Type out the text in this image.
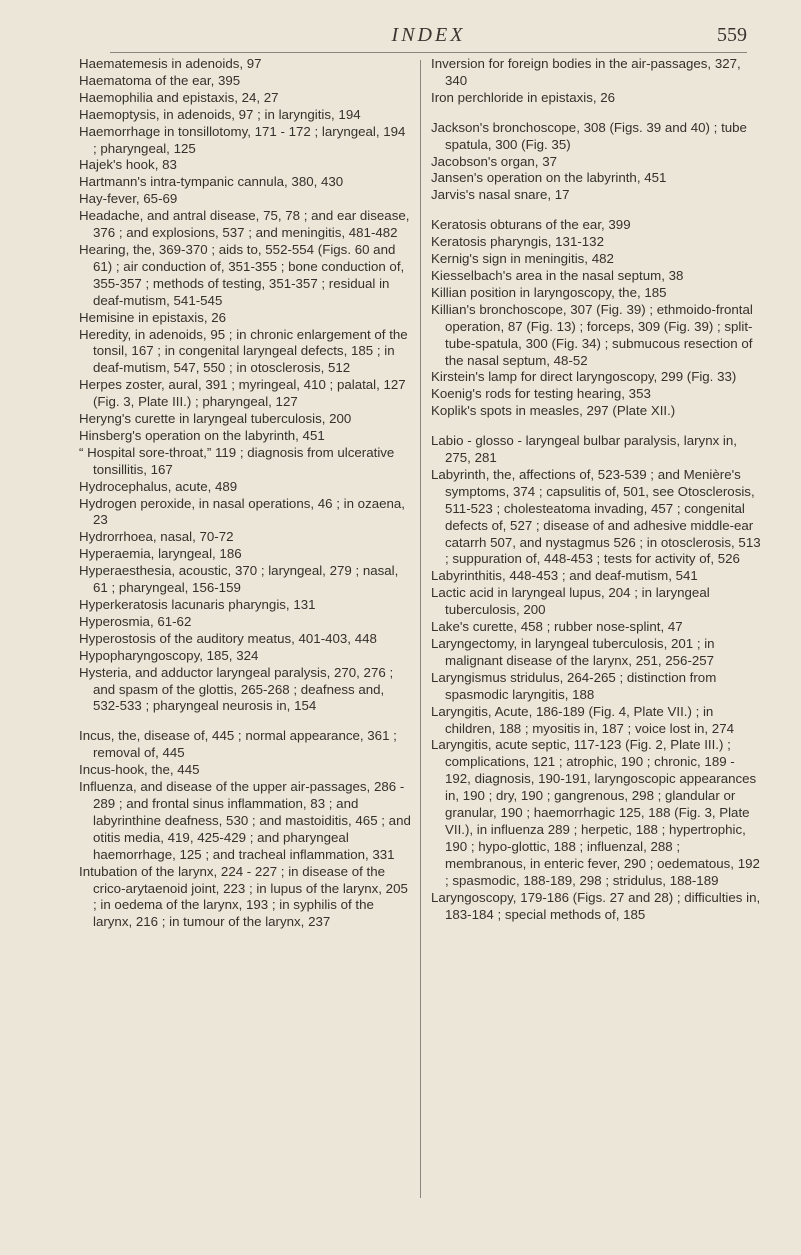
INDEX	559

Haematemesis in adenoids, 97

Haematoma of the ear, 395

Haemophilia and epistaxis, 24, 27

Haemoptysis, in adenoids, 97 ; in laryngitis, 194

Haemorrhage in tonsillotomy, 171 - 172 ; laryngeal, 194 ; pharyngeal, 125

Hajek's hook, 83

Hartmann's intra-tympanic cannula, 380, 430

Hay-fever, 65-69

Headache, and antral disease, 75, 78 ; and ear disease, 376 ; and explosions, 537 ; and meningitis, 481-482

Hearing, the, 369-370 ; aids to, 552-554 (Figs. 60 and 61) ; air conduction of, 351-355 ; bone conduction of, 355-357 ; methods of testing, 351-357 ; residual in deaf-mutism, 541-545

Hemisine in epistaxis, 26

Heredity, in adenoids, 95 ; in chronic enlargement of the tonsil, 167 ; in congenital laryngeal defects, 185 ; in deaf-mutism, 547, 550 ; in otosclerosis, 512

Herpes zoster, aural, 391 ; myringeal, 410 ; palatal, 127 (Fig. 3, Plate III.) ; pharyngeal, 127

Heryng's curette in laryngeal tuberculosis, 200

Hinsberg's operation on the labyrinth, 451

“ Hospital sore-throat,” 119 ; diagnosis from ulcerative tonsillitis, 167

Hydrocephalus, acute, 489

Hydrogen peroxide, in nasal operations, 46 ; in ozaena, 23

Hydrorrhoea, nasal, 70-72

Hyperaemia, laryngeal, 186

Hyperaesthesia, acoustic, 370 ; laryngeal, 279 ; nasal, 61 ; pharyngeal, 156-159

Hyperkeratosis lacunaris pharyngis, 131

Hyperosmia, 61-62

Hyperostosis of the auditory meatus, 401-403, 448

Hypopharyngoscopy, 185, 324

Hysteria, and adductor laryngeal paralysis, 270, 276 ; and spasm of the glottis, 265-268 ; deafness and, 532-533 ; pharyngeal neurosis in, 154

Incus, the, disease of, 445 ; normal appearance, 361 ; removal of, 445

Incus-hook, the, 445

Influenza, and disease of the upper air-passages, 286 - 289 ; and frontal sinus inflammation, 83 ; and labyrinthine deafness, 530 ; and mastoiditis, 465 ; and otitis media, 419, 425-429 ; and pharyngeal haemorrhage, 125 ; and tracheal inflammation, 331

Intubation of the larynx, 224 - 227 ; in disease of the crico-arytaenoid joint, 223 ; in lupus of the larynx, 205 ; in oedema of the larynx, 193 ; in syphilis of the larynx, 216 ; in tumour of the larynx, 237

Inversion for foreign bodies in the air-passages, 327, 340

Iron perchloride in epistaxis, 26

Jackson's bronchoscope, 308 (Figs. 39 and 40) ; tube spatula, 300 (Fig. 35)

Jacobson's organ, 37

Jansen's operation on the labyrinth, 451

Jarvis's nasal snare, 17

Keratosis obturans of the ear, 399

Keratosis pharyngis, 131-132

Kernig's sign in meningitis, 482

Kiesselbach's area in the nasal septum, 38

Killian position in laryngoscopy, the, 185

Killian's bronchoscope, 307 (Fig. 39) ; ethmoido-frontal operation, 87 (Fig. 13) ; forceps, 309 (Fig. 39) ; split-tube-spatula, 300 (Fig. 34) ; submucous resection of the nasal septum, 48-52

Kirstein's lamp for direct laryngoscopy, 299 (Fig. 33)

Koenig's rods for testing hearing, 353

Koplik's spots in measles, 297 (Plate XII.)

Labio - glosso - laryngeal bulbar paralysis, larynx in, 275, 281

Labyrinth, the, affections of, 523-539 ; and Menière's symptoms, 374 ; capsulitis of, 501, see Otosclerosis, 511-523 ; cholesteatoma invading, 457 ; congenital defects of, 527 ; disease of and adhesive middle-ear catarrh 507, and nystagmus 526 ; in otosclerosis, 513 ; suppuration of, 448-453 ; tests for activity of, 526

Labyrinthitis, 448-453 ; and deaf-mutism, 541

Lactic acid in laryngeal lupus, 204 ; in laryngeal tuberculosis, 200

Lake's curette, 458 ; rubber nose-splint, 47

Laryngectomy, in laryngeal tuberculosis, 201 ; in malignant disease of the larynx, 251, 256-257

Laryngismus stridulus, 264-265 ; distinction from spasmodic laryngitis, 188

Laryngitis, Acute, 186-189 (Fig. 4, Plate VII.) ; in children, 188 ; myositis in, 187 ; voice lost in, 274

Laryngitis, acute septic, 117-123 (Fig. 2, Plate III.) ; complications, 121 ; atrophic, 190 ; chronic, 189 - 192, diagnosis, 190-191, laryngoscopic appearances in, 190 ; dry, 190 ; gangrenous, 298 ; glandular or granular, 190 ; haemorrhagic 125, 188 (Fig. 3, Plate VII.), in influenza 289 ; herpetic, 188 ; hypertrophic, 190 ; hypo-glottic, 188 ; influenzal, 288 ; membranous, in enteric fever, 290 ; oedematous, 192 ; spasmodic, 188-189, 298 ; stridulus, 188-189

Laryngoscopy, 179-186 (Figs. 27 and 28) ; difficulties in, 183-184 ; special methods of, 185
